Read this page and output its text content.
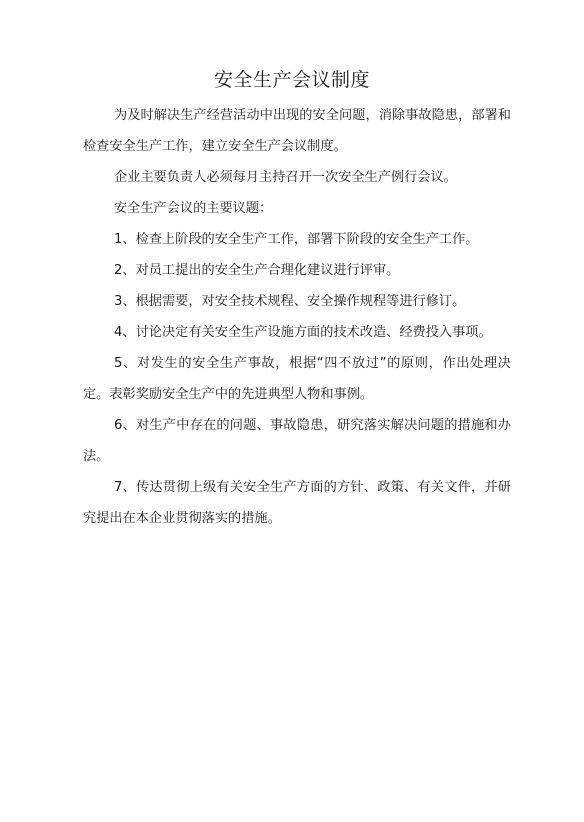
安全生产会议制度

为及时解决生产经营活动中出现的安全问题，消除事故隐患，部署和检查安全生产工作，建立安全生产会议制度。

企业主要负责人必须每月主持召开一次安全生产例行会议。

安全生产会议的主要议题：

1、检查上阶段的安全生产工作，部署下阶段的安全生产工作。

2、对员工提出的安全生产合理化建议进行评审。

3、根据需要，对安全技术规程、安全操作规程等进行修订。

4、讨论决定有关安全生产设施方面的技术改造、经费投入事项。

5、对发生的安全生产事故，根据“四不放过”的原则，作出处理决定。表彰奖励安全生产中的先进典型人物和事例。

6、对生产中存在的问题、事故隐患，研究落实解决问题的措施和办法。

7、传达贯彻上级有关安全生产方面的方针、政策、有关文件，并研究提出在本企业贯彻落实的措施。
